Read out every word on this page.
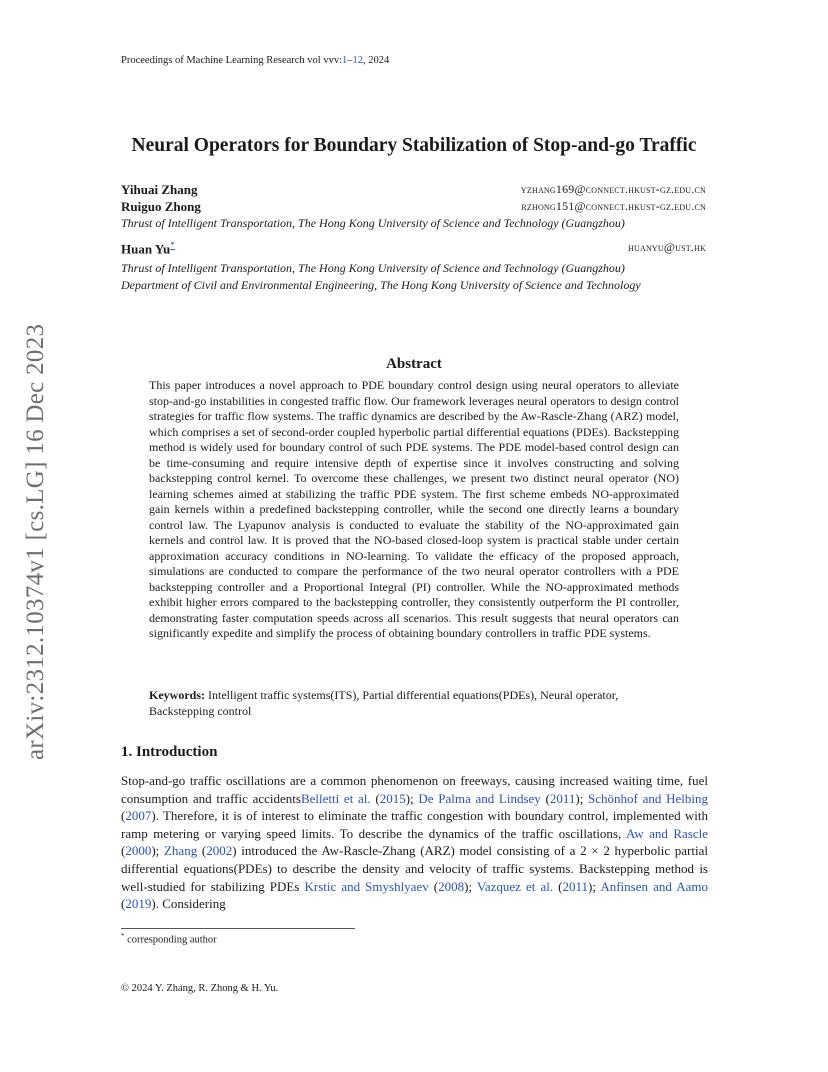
Proceedings of Machine Learning Research vol vvv:1–12, 2024
Neural Operators for Boundary Stabilization of Stop-and-go Traffic
Yihuai Zhang	yzhang169@connect.hkust-gz.edu.cn
Ruiguo Zhong	rzhong151@connect.hkust-gz.edu.cn
Thrust of Intelligent Transportation, The Hong Kong University of Science and Technology (Guangzhou)
Huan Yu*	huanyu@ust.hk
Thrust of Intelligent Transportation, The Hong Kong University of Science and Technology (Guangzhou)
Department of Civil and Environmental Engineering, The Hong Kong University of Science and Technology
arXiv:2312.10374v1 [cs.LG] 16 Dec 2023	Abstract
This paper introduces a novel approach to PDE boundary control design using neural operators to alleviate stop-and-go instabilities in congested traffic flow. Our framework leverages neural operators to design control strategies for traffic flow systems. The traffic dynamics are described by the Aw-Rascle-Zhang (ARZ) model, which comprises a set of second-order coupled hyperbolic partial differential equations (PDEs). Backstepping method is widely used for boundary control of such PDE systems. The PDE model-based control design can be time-consuming and require intensive depth of expertise since it involves constructing and solving backstepping control kernel. To overcome these challenges, we present two distinct neural operator (NO) learning schemes aimed at stabilizing the traffic PDE system. The first scheme embeds NO-approximated gain kernels within a predefined backstepping controller, while the second one directly learns a boundary control law. The Lyapunov analysis is conducted to evaluate the stability of the NO-approximated gain kernels and control law. It is proved that the NO-based closed-loop system is practical stable under certain approximation accuracy conditions in NO-learning. To validate the efficacy of the proposed approach, simulations are conducted to compare the performance of the two neural operator controllers with a PDE backstepping controller and a Proportional Integral (PI) controller. While the NO-approximated methods exhibit higher errors compared to the backstepping controller, they consistently outperform the PI controller, demonstrating faster computation speeds across all scenarios. This result suggests that neural operators can significantly expedite and simplify the process of obtaining boundary controllers in traffic PDE systems.
Keywords: Intelligent traffic systems(ITS), Partial differential equations(PDEs), Neural operator, Backstepping control
1. Introduction
Stop-and-go traffic oscillations are a common phenomenon on freeways, causing increased waiting time, fuel consumption and traffic accidentsBelletti et al. (2015); De Palma and Lindsey (2011); Schönhof and Helbing (2007). Therefore, it is of interest to eliminate the traffic congestion with boundary control, implemented with ramp metering or varying speed limits. To describe the dynamics of the traffic oscillations, Aw and Rascle (2000); Zhang (2002) introduced the Aw-Rascle-Zhang (ARZ) model consisting of a 2 × 2 hyperbolic partial differential equations(PDEs) to describe the density and velocity of traffic systems. Backstepping method is well-studied for stabilizing PDEs Krstic and Smyshlyaev (2008); Vazquez et al. (2011); Anfinsen and Aamo (2019). Considering
* corresponding author
© 2024 Y. Zhang, R. Zhong & H. Yu.
